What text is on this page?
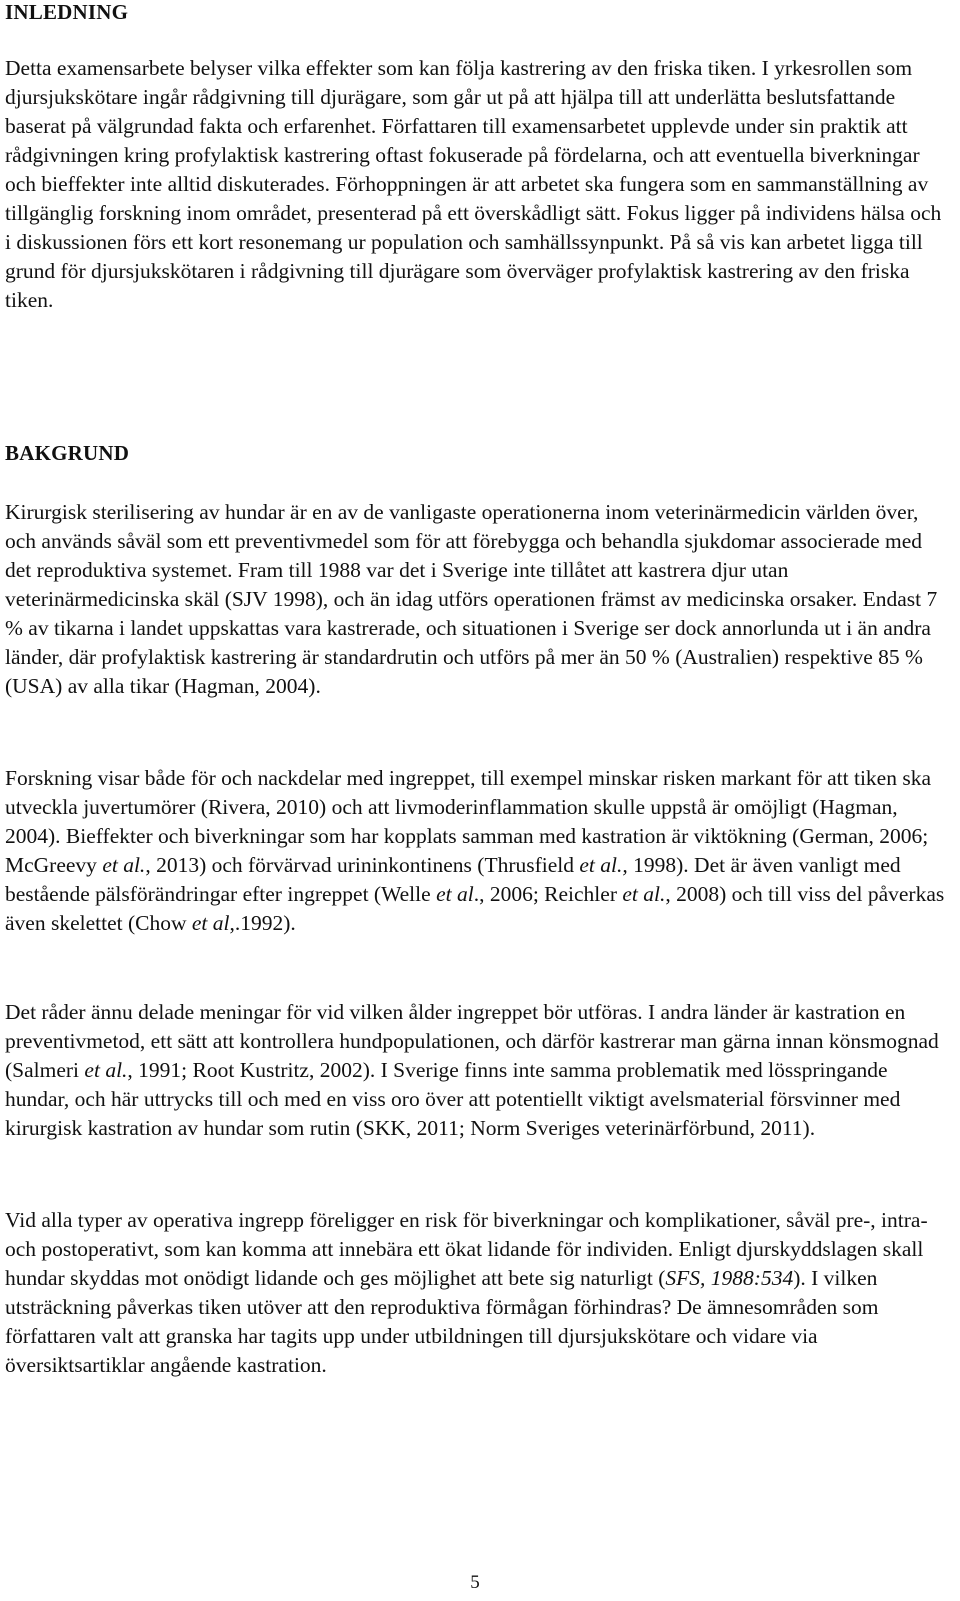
INLEDNING

Detta examensarbete belyser vilka effekter som kan följa kastrering av den friska tiken. I yrkesrollen som djursjukskötare ingår rådgivning till djurägare, som går ut på att hjälpa till att underlätta beslutsfattande baserat på välgrundad fakta och erfarenhet. Författaren till examensarbetet upplevde under sin praktik att rådgivningen kring profylaktisk kastrering oftast fokuserade på fördelarna, och att eventuella biverkningar och bieffekter inte alltid diskuterades. Förhoppningen är att arbetet ska fungera som en sammanställning av tillgänglig forskning inom området, presenterad på ett överskådligt sätt. Fokus ligger på individens hälsa och i diskussionen förs ett kort resonemang ur population och samhällssynpunkt. På så vis kan arbetet ligga till grund för djursjukskötaren i rådgivning till djurägare som överväger profylaktisk kastrering av den friska tiken.

BAKGRUND

Kirurgisk sterilisering av hundar är en av de vanligaste operationerna inom veterinärmedicin världen över, och används såväl som ett preventivmedel som för att förebygga och behandla sjukdomar associerade med det reproduktiva systemet. Fram till 1988 var det i Sverige inte tillåtet att kastrera djur utan veterinärmedicinska skäl (SJV 1998), och än idag utförs operationen främst av medicinska orsaker. Endast 7 % av tikarna i landet uppskattas vara kastrerade, och situationen i Sverige ser dock annorlunda ut i än andra länder, där profylaktisk kastrering är standardrutin och utförs på mer än 50 % (Australien) respektive 85 % (USA) av alla tikar (Hagman, 2004).

Forskning visar både för och nackdelar med ingreppet, till exempel minskar risken markant för att tiken ska utveckla juvertumörer (Rivera, 2010) och att livmoderinflammation skulle uppstå är omöjligt (Hagman, 2004). Bieffekter och biverkningar som har kopplats samman med kastration är viktökning (German, 2006; McGreevy et al., 2013) och förvärvad urininkontinens (Thrusfield et al., 1998). Det är även vanligt med bestående pälsförändringar efter ingreppet (Welle et al., 2006; Reichler et al., 2008) och till viss del påverkas även skelettet (Chow et al,.1992).

Det råder ännu delade meningar för vid vilken ålder ingreppet bör utföras. I andra länder är kastration en preventivmetod, ett sätt att kontrollera hundpopulationen, och därför kastrerar man gärna innan könsmognad (Salmeri et al., 1991; Root Kustritz, 2002). I Sverige finns inte samma problematik med lösspringande hundar, och här uttrycks till och med en viss oro över att potentiellt viktigt avelsmaterial försvinner med kirurgisk kastration av hundar som rutin (SKK, 2011; Norm Sveriges veterinärförbund, 2011).

Vid alla typer av operativa ingrepp föreligger en risk för biverkningar och komplikationer, såväl pre-, intra- och postoperativt, som kan komma att innebära ett ökat lidande för individen. Enligt djurskyddslagen skall hundar skyddas mot onödigt lidande och ges möjlighet att bete sig naturligt (SFS, 1988:534). I vilken utsträckning påverkas tiken utöver att den reproduktiva förmågan förhindras? De ämnesområden som författaren valt att granska har tagits upp under utbildningen till djursjukskötare och vidare via översiktsartiklar angående kastration.

5
